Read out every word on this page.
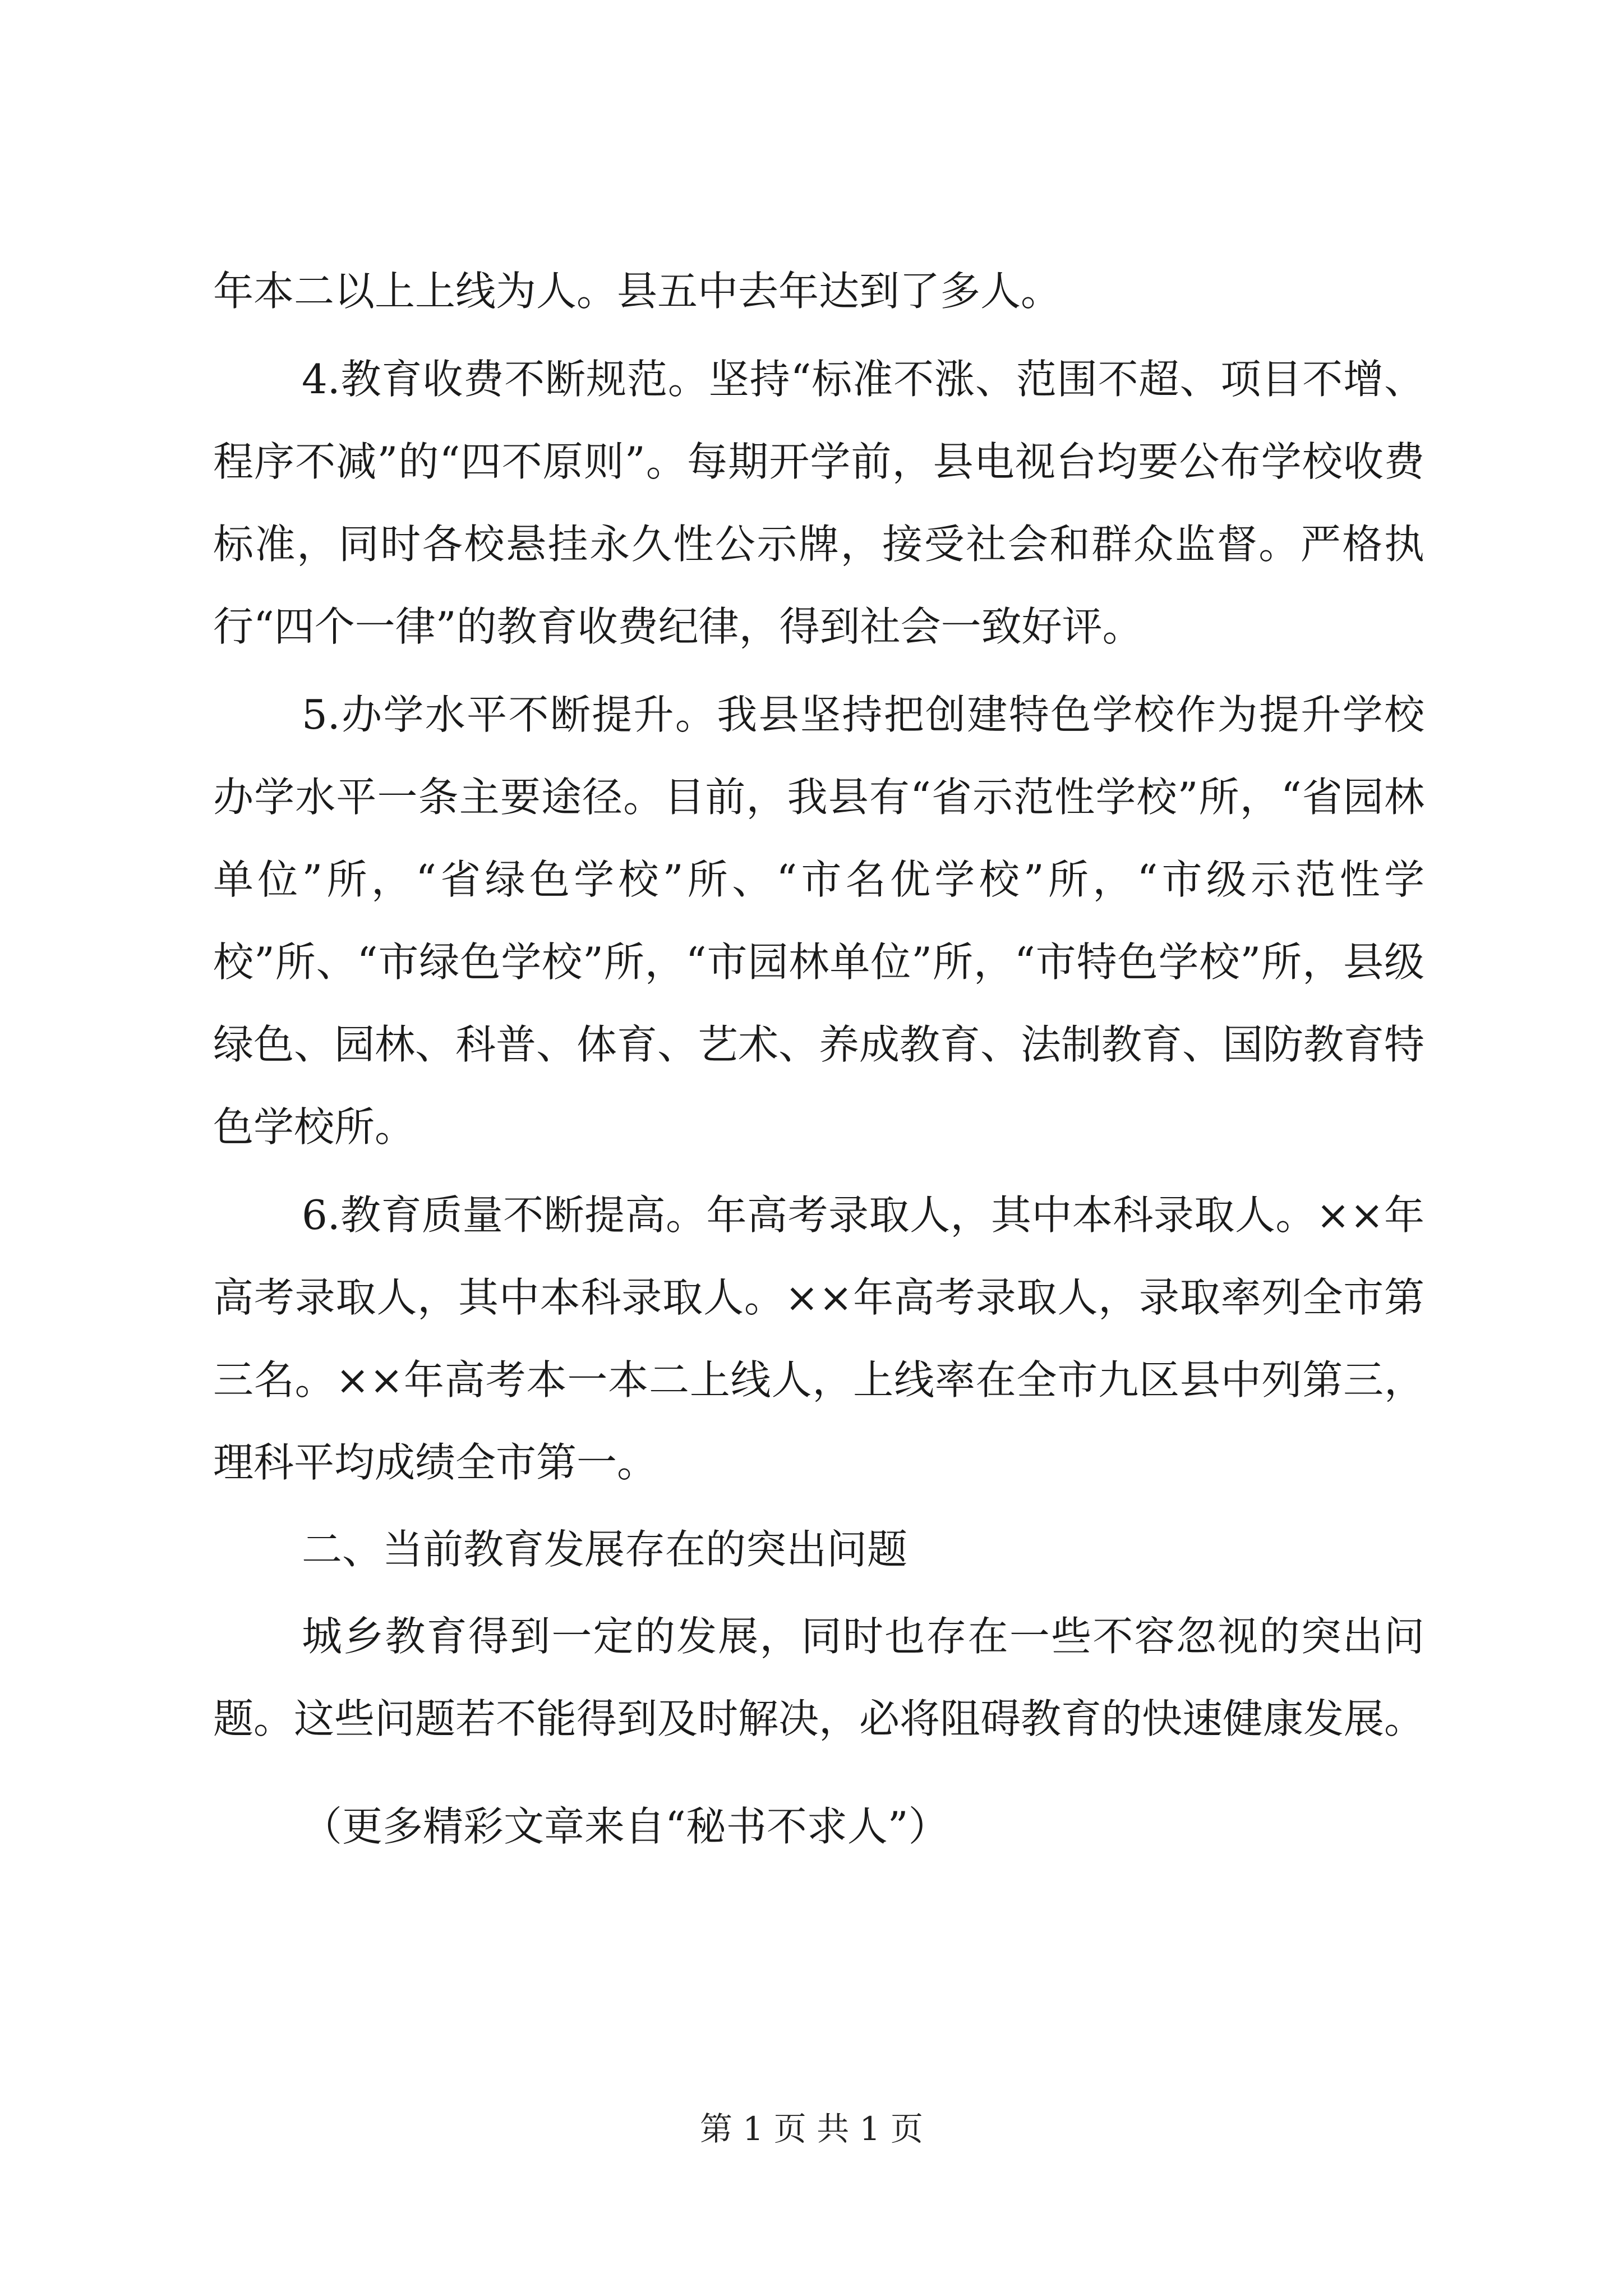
年本二以上上线为人。县五中去年达到了多人。

4.教育收费不断规范。坚持“标准不涨、范围不超、项目不增、程序不减”的“四不原则”。每期开学前，县电视台均要公布学校收费标准，同时各校悬挂永久性公示牌，接受社会和群众监督。严格执行“四个一律”的教育收费纪律，得到社会一致好评。

5.办学水平不断提升。我县坚持把创建特色学校作为提升学校办学水平一条主要途径。目前，我县有“省示范性学校”所，“省园林单位”所，“省绿色学校”所、“市名优学校”所，“市级示范性学校”所、“市绿色学校”所，“市园林单位”所，“市特色学校”所，县级绿色、园林、科普、体育、艺术、养成教育、法制教育、国防教育特色学校所。

6.教育质量不断提高。年高考录取人，其中本科录取人。××年高考录取人，其中本科录取人。××年高考录取人，录取率列全市第三名。××年高考本一本二上线人，上线率在全市九区县中列第三，理科平均成绩全市第一。

二、当前教育发展存在的突出问题

城乡教育得到一定的发展，同时也存在一些不容忽视的突出问题。这些问题若不能得到及时解决，必将阻碍教育的快速健康发展。

（更多精彩文章来自“秘书不求人”）

第 1 页 共 1 页
